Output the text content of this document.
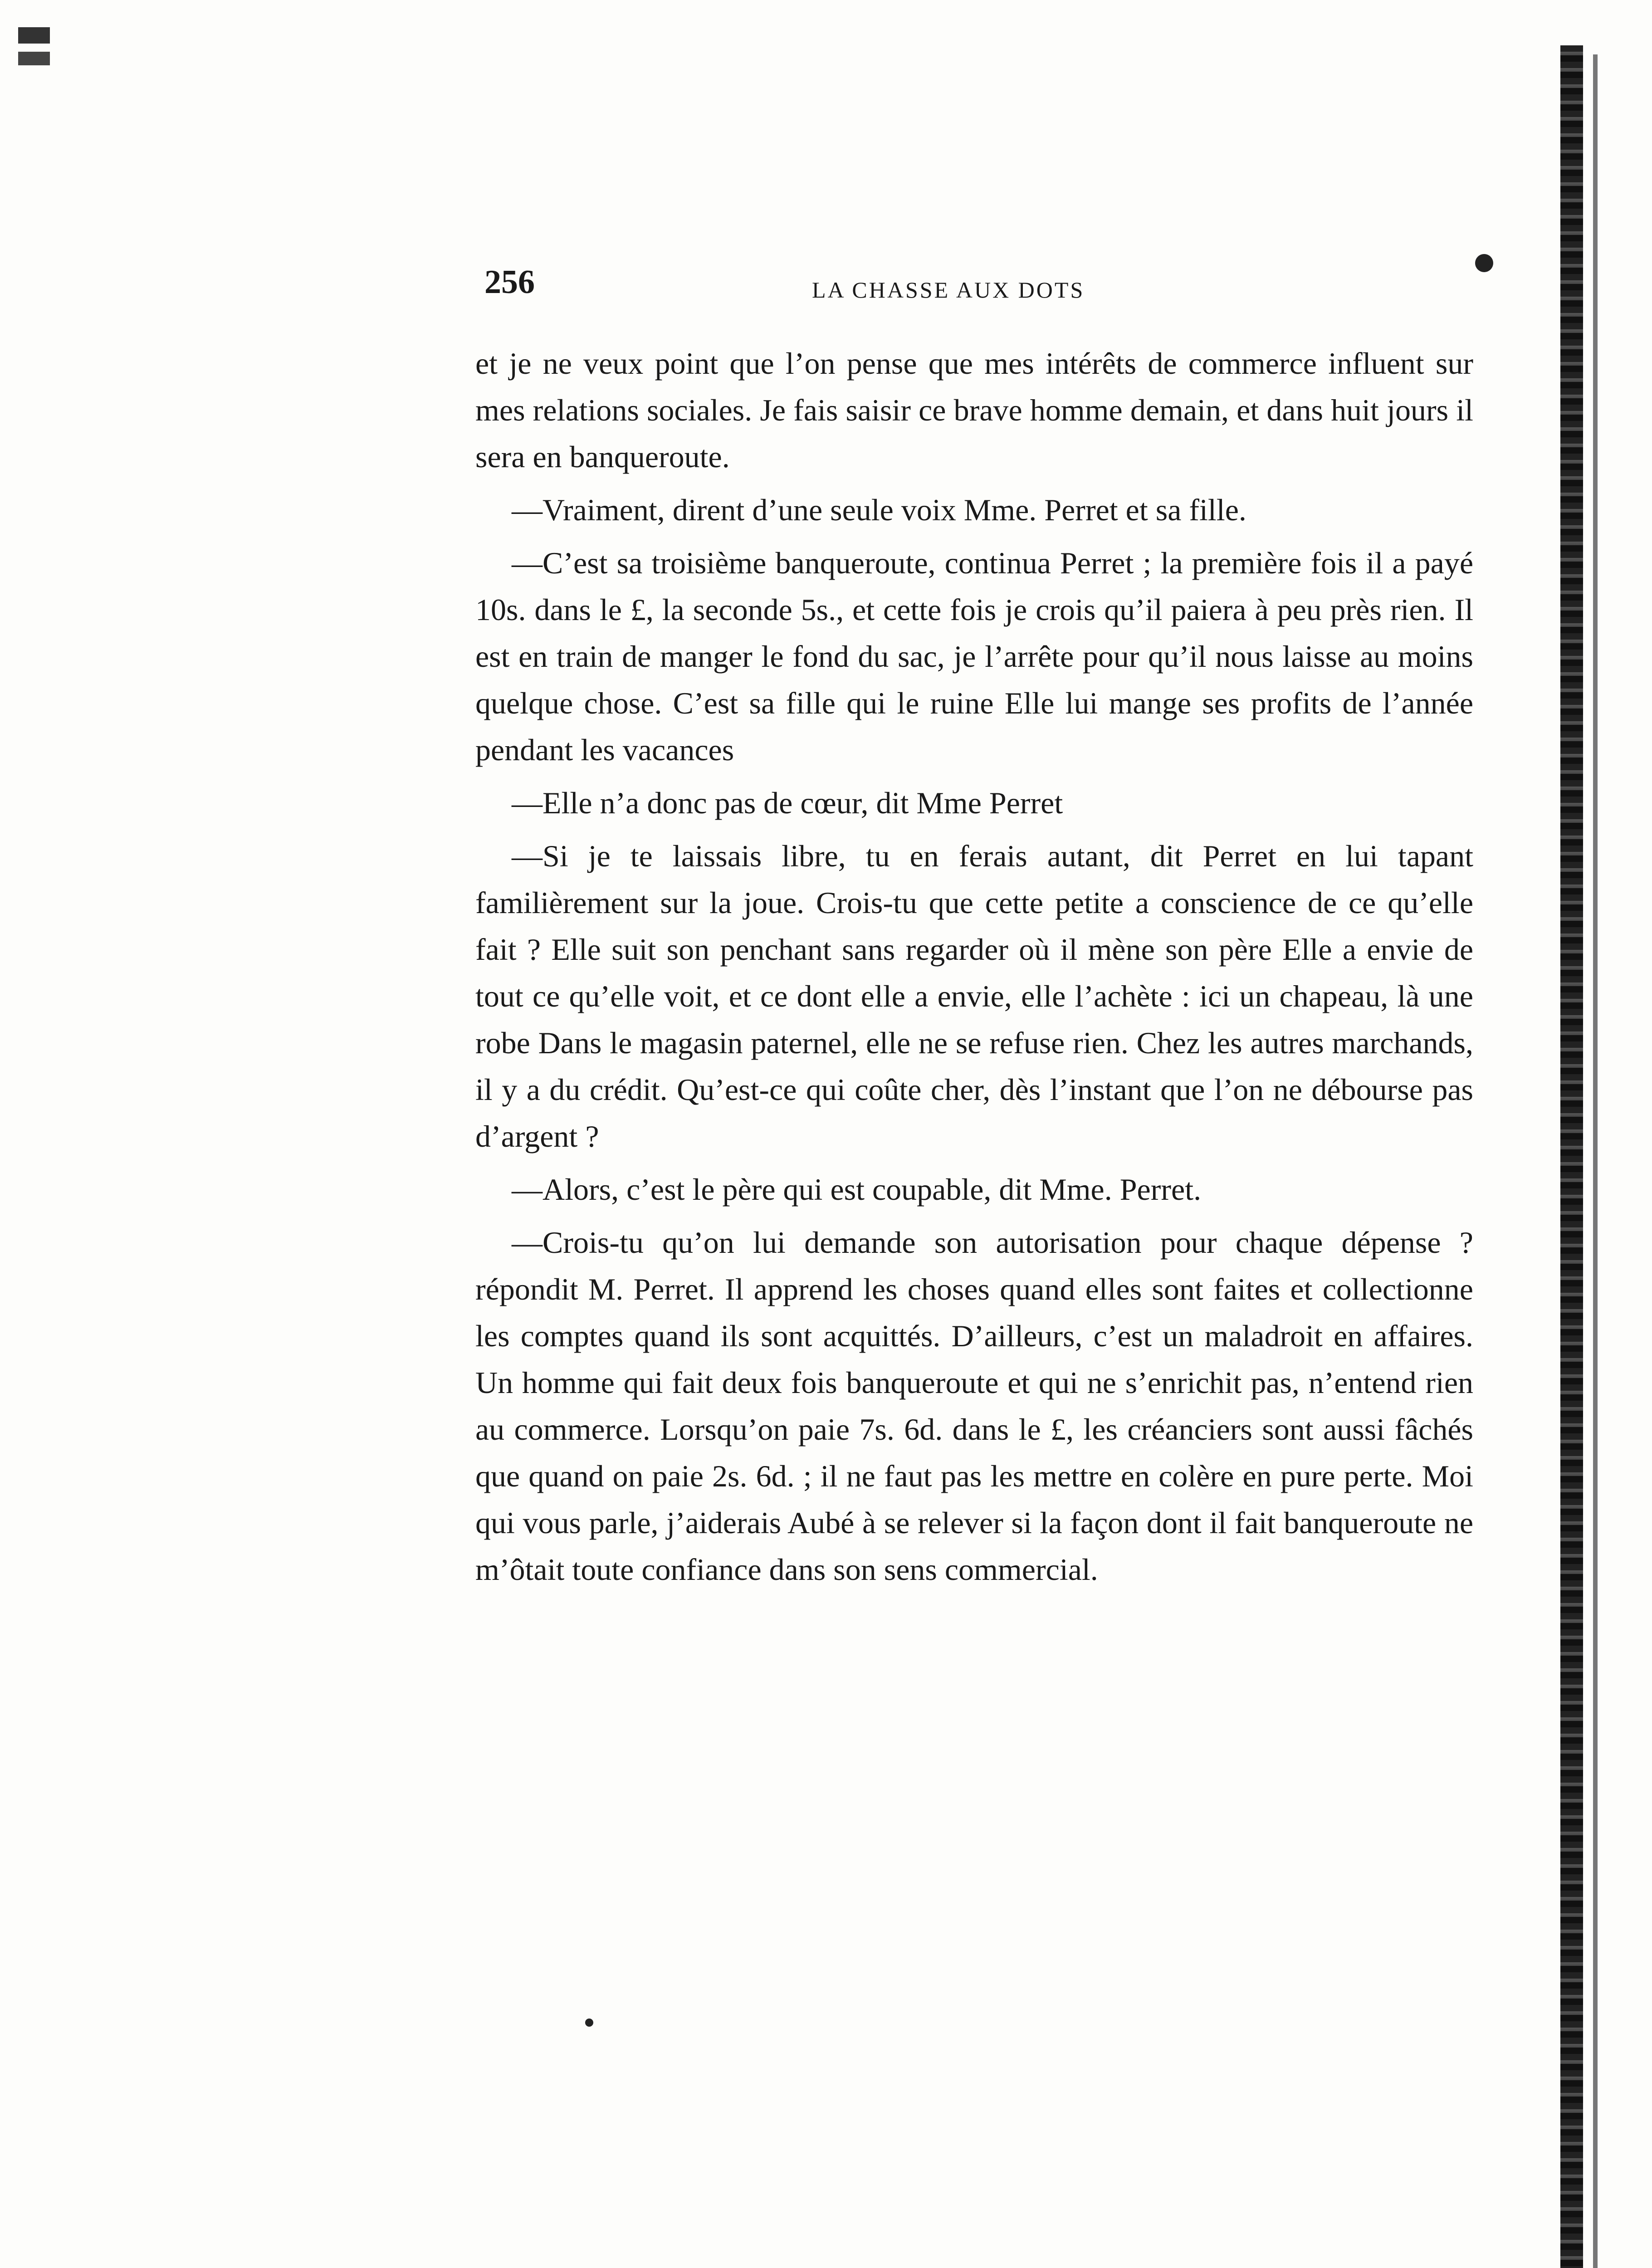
256	LA CHASSE AUX DOTS

et je ne veux point que l’on pense que mes intérêts de commerce influent sur mes relations sociales. Je fais saisir ce brave homme demain, et dans huit jours il sera en banqueroute.

—Vraiment, dirent d’une seule voix Mme. Perret et sa fille.

—C’est sa troisième banqueroute, continua Perret ; la première fois il a payé 10s. dans le £, la seconde 5s., et cette fois je crois qu’il paiera à peu près rien. Il est en train de manger le fond du sac, je l’arrête pour qu’il nous laisse au moins quelque chose. C’est sa fille qui le ruine Elle lui mange ses profits de l’année pendant les vacances

—Elle n’a donc pas de cœur, dit Mme Perret

—Si je te laissais libre, tu en ferais autant, dit Perret en lui tapant familièrement sur la joue. Crois-tu que cette petite a conscience de ce qu’elle fait ? Elle suit son penchant sans regarder où il mène son père Elle a envie de tout ce qu’elle voit, et ce dont elle a envie, elle l’achète : ici un chapeau, là une robe Dans le magasin paternel, elle ne se refuse rien. Chez les autres marchands, il y a du crédit. Qu’est-ce qui coûte cher, dès l’instant que l’on ne débourse pas d’argent ?

—Alors, c’est le père qui est coupable, dit Mme. Perret.

—Crois-tu qu’on lui demande son autorisation pour chaque dépense ? répondit M. Perret. Il apprend les choses quand elles sont faites et collectionne les comptes quand ils sont acquittés. D’ailleurs, c’est un maladroit en affaires. Un homme qui fait deux fois banqueroute et qui ne s’enrichit pas, n’entend rien au commerce. Lorsqu’on paie 7s. 6d. dans le £, les créanciers sont aussi fâchés que quand on paie 2s. 6d. ; il ne faut pas les mettre en colère en pure perte. Moi qui vous parle, j’aiderais Aubé à se relever si la façon dont il fait banqueroute ne m’ôtait toute confiance dans son sens commercial.
